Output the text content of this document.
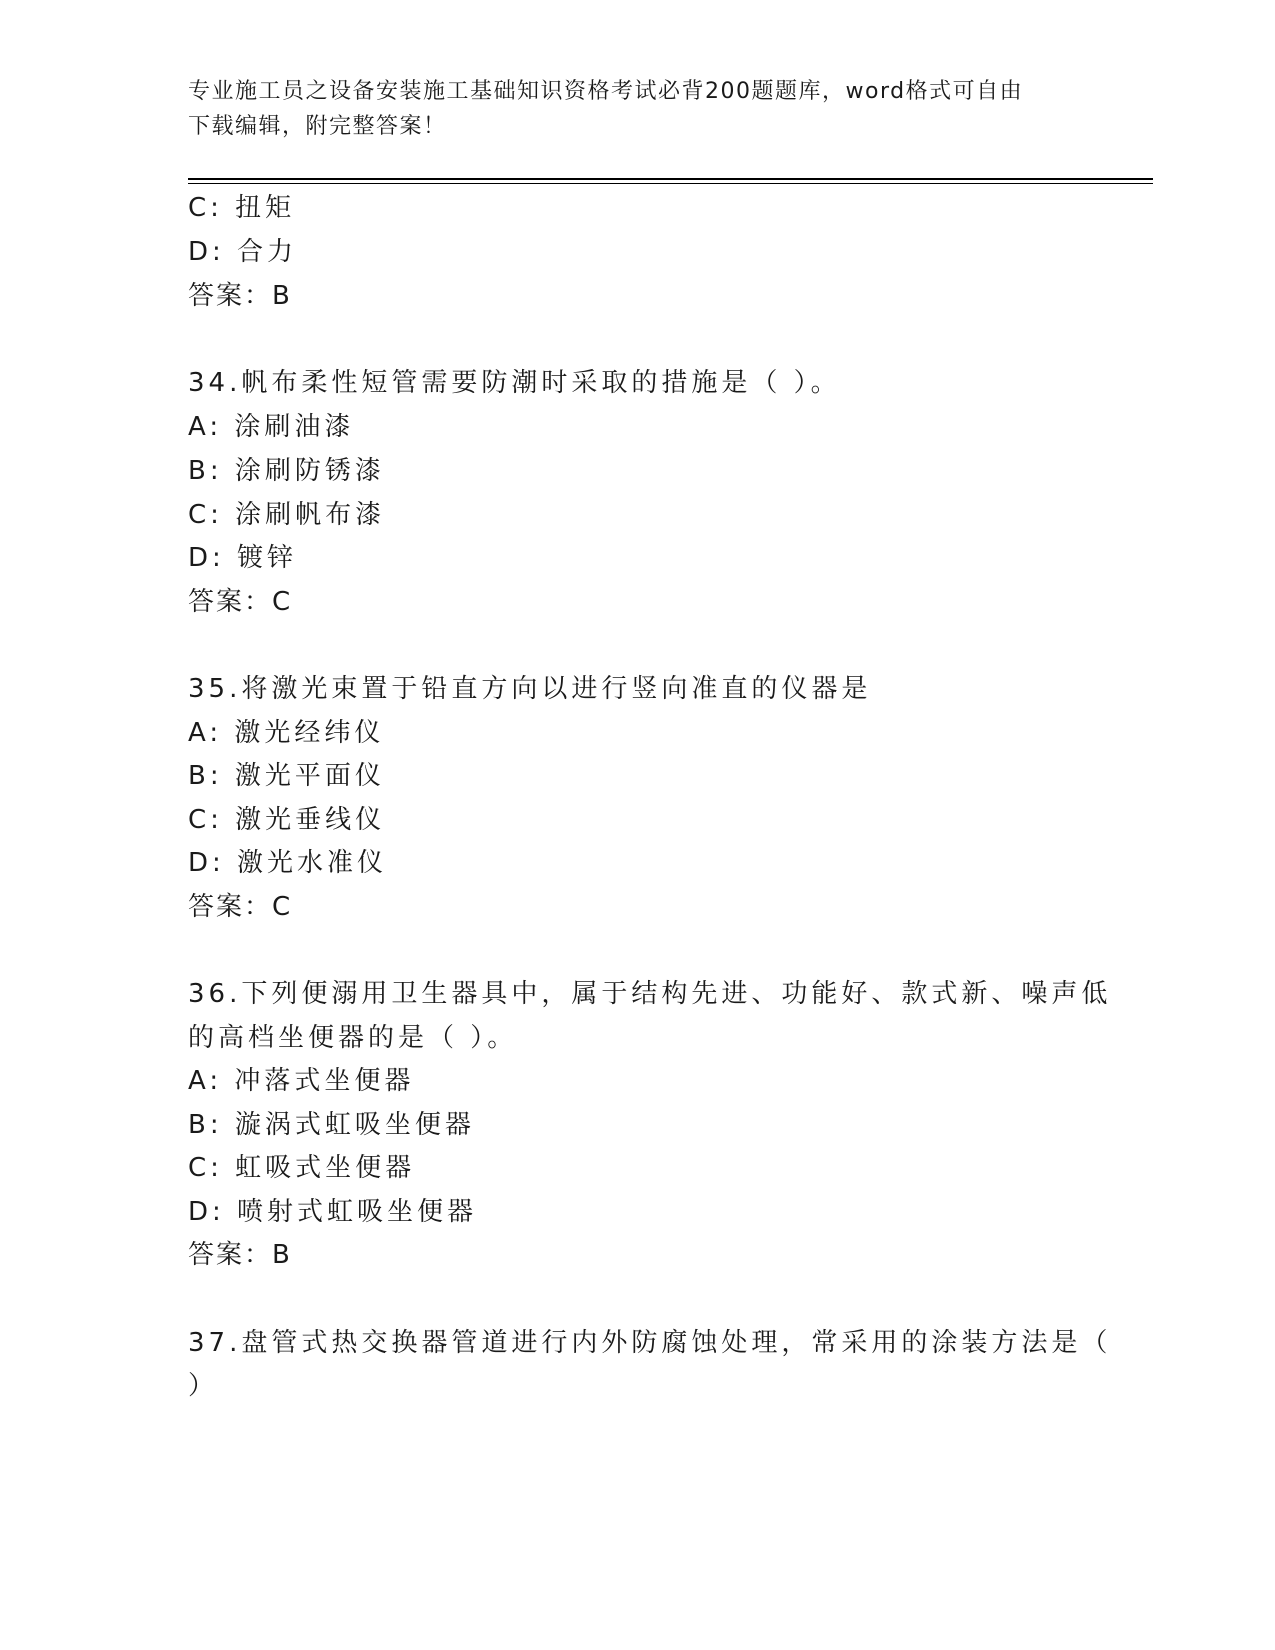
专业施工员之设备安装施工基础知识资格考试必背200题题库，word格式可自由
下载编辑，附完整答案！
C: 扭矩
D: 合力
答案：B
34.帆布柔性短管需要防潮时采取的措施是（ ）。
A: 涂刷油漆
B: 涂刷防锈漆
C: 涂刷帆布漆
D: 镀锌
答案：C
35.将激光束置于铅直方向以进行竖向准直的仪器是
A: 激光经纬仪
B: 激光平面仪
C: 激光垂线仪
D: 激光水准仪
答案：C
36.下列便溺用卫生器具中，属于结构先进、功能好、款式新、噪声低
的高档坐便器的是（ ）。
A: 冲落式坐便器
B: 漩涡式虹吸坐便器
C: 虹吸式坐便器
D: 喷射式虹吸坐便器
答案：B
37.盘管式热交换器管道进行内外防腐蚀处理，常采用的涂装方法是（
）
